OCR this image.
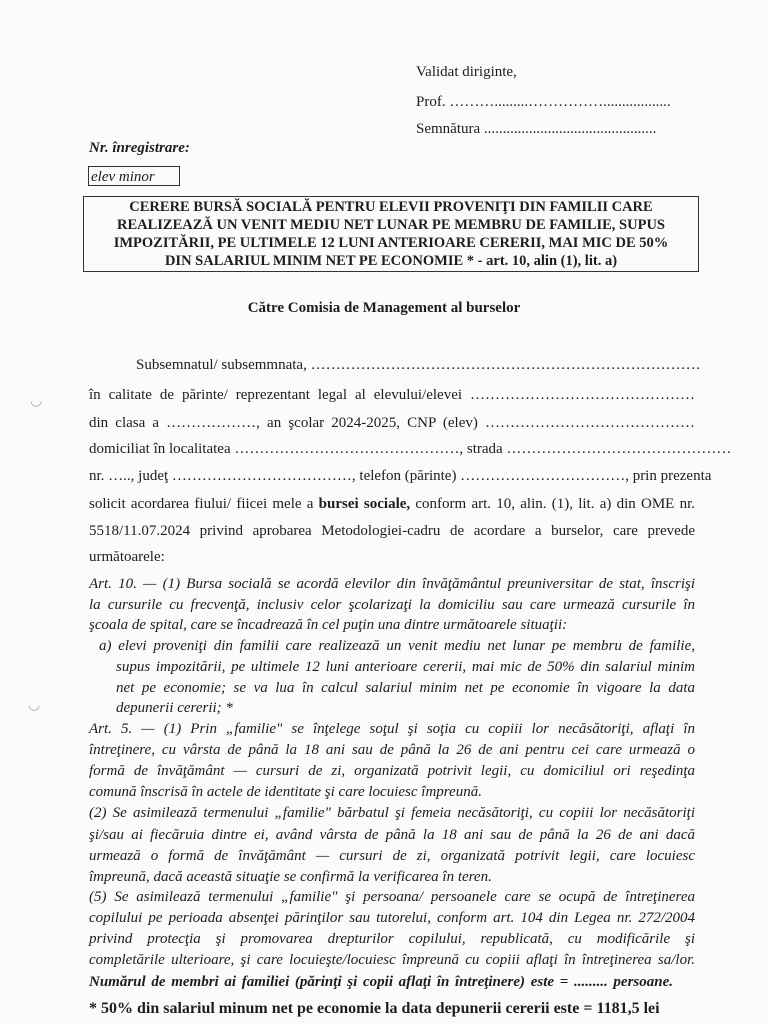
Validat diriginte,
Prof. ……….........……………..................
Semnătura ..............................................
Nr. înregistrare:
elev minor
CERERE BURSĂ SOCIALĂ PENTRU ELEVII PROVENIŢI DIN FAMILII CARE
REALIZEAZĂ UN VENIT MEDIU NET LUNAR PE MEMBRU DE FAMILIE, SUPUS
IMPOZITĂRII, PE ULTIMELE 12 LUNI ANTERIOARE CERERII, MAI MIC DE 50%
DIN SALARIUL MINIM NET PE ECONOMIE * - art. 10, alin (1), lit. a)
Către Comisia de Management al burselor
Subsemnatul/ subsemmnata, ……………………………………………………………………
în calitate de părinte/ reprezentant legal al elevului/elevei ………………………………………
din clasa a ………………, an şcolar 2024-2025, CNP (elev) ……………………………………
domiciliat în localitatea ………………………………………, strada ………………………………………
nr. ….., judeţ ………………………………, telefon (părinte) ……………………………, prin prezenta
solicit acordarea fiului/ fiicei mele a bursei sociale, conform art. 10, alin. (1), lit. a) din OME nr.
5518/11.07.2024 privind aprobarea Metodologiei-cadru de acordare a burselor, care prevede
următoarele:
Art. 10. — (1) Bursa socială se acordă elevilor din învăţământul preuniversitar de stat, înscrişi
la cursurile cu frecvenţă, inclusiv celor şcolarizaţi la domiciliu sau care urmează cursurile în
şcoala de spital, care se încadrează în cel puţin una dintre următoarele situaţii:
a) elevi proveniţi din familii care realizează un venit mediu net lunar pe membru de familie,
supus impozitării, pe ultimele 12 luni anterioare cererii, mai mic de 50% din salariul minim
net pe economie; se va lua în calcul salariul minim net pe economie în vigoare la data
depunerii cererii; *
Art. 5. — (1) Prin „familie" se înţelege soţul şi soţia cu copiii lor necăsătoriţi, aflaţi în
întreţinere, cu vârsta de până la 18 ani sau de până la 26 de ani pentru cei care urmează o
formă de învăţământ — cursuri de zi, organizată potrivit legii, cu domiciliul ori reşedinţa
comună înscrisă în actele de identitate şi care locuiesc împreună.
(2) Se asimilează termenului „familie" bărbatul şi femeia necăsătoriţi, cu copiii lor necăsătoriţi
şi/sau ai fiecăruia dintre ei, având vârsta de până la 18 ani sau de până la 26 de ani dacă
urmează o formă de învăţământ — cursuri de zi, organizată potrivit legii, care locuiesc
împreună, dacă această situaţie se confirmă la verificarea în teren.
(5) Se asimilează termenului „familie" şi persoana/ persoanele care se ocupă de întreţinerea
copilului pe perioada absenţei părinţilor sau tutorelui, conform art. 104 din Legea nr. 272/2004
privind protecţia şi promovarea drepturilor copilului, republicată, cu modificările şi
completările ulterioare, şi care locuieşte/locuiesc împreună cu copiii aflaţi în întreţinerea sa/lor.
Numărul de membri ai familiei (părinţi şi copii aflaţi în întreţinere) este = ......... persoane.
* 50% din salariul minum net pe economie la data depunerii cererii este = 1181,5 lei
◡
◡
